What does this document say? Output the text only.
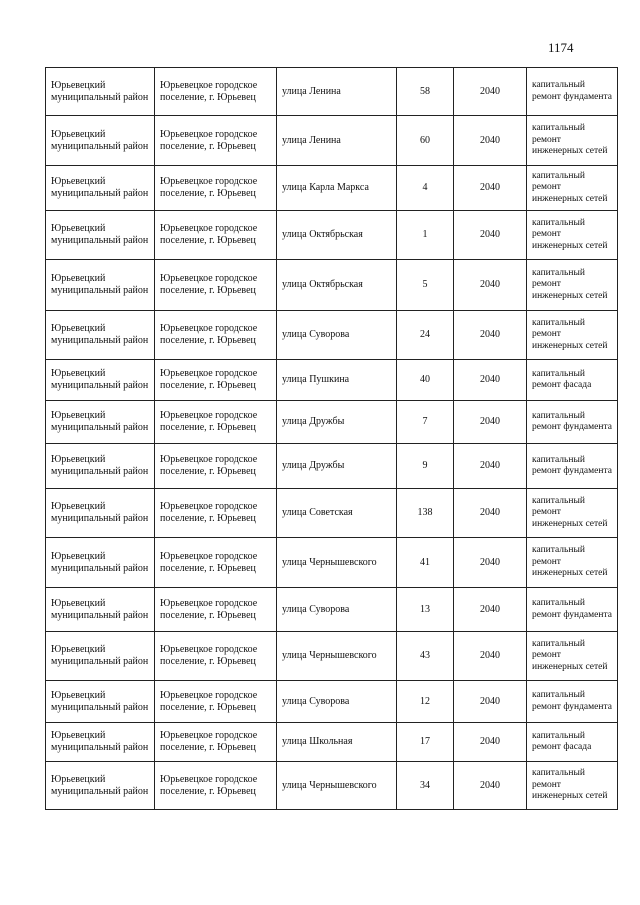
1174
Юрьевецкий муниципальный район	Юрьевецкое городское поселение, г. Юрьевец	улица Ленина	58	2040	капитальный ремонт фундамента
Юрьевецкий муниципальный район	Юрьевецкое городское поселение, г. Юрьевец	улица Ленина	60	2040	капитальный ремонт инженерных сетей
Юрьевецкий муниципальный район	Юрьевецкое городское поселение, г. Юрьевец	улица Карла Маркса	4	2040	капитальный ремонт инженерных сетей
Юрьевецкий муниципальный район	Юрьевецкое городское поселение, г. Юрьевец	улица Октябрьская	1	2040	капитальный ремонт инженерных сетей
Юрьевецкий муниципальный район	Юрьевецкое городское поселение, г. Юрьевец	улица Октябрьская	5	2040	капитальный ремонт инженерных сетей
Юрьевецкий муниципальный район	Юрьевецкое городское поселение, г. Юрьевец	улица Суворова	24	2040	капитальный ремонт инженерных сетей
Юрьевецкий муниципальный район	Юрьевецкое городское поселение, г. Юрьевец	улица Пушкина	40	2040	капитальный ремонт фасада
Юрьевецкий муниципальный район	Юрьевецкое городское поселение, г. Юрьевец	улица Дружбы	7	2040	капитальный ремонт фундамента
Юрьевецкий муниципальный район	Юрьевецкое городское поселение, г. Юрьевец	улица Дружбы	9	2040	капитальный ремонт фундамента
Юрьевецкий муниципальный район	Юрьевецкое городское поселение, г. Юрьевец	улица Советская	138	2040	капитальный ремонт инженерных сетей
Юрьевецкий муниципальный район	Юрьевецкое городское поселение, г. Юрьевец	улица Чернышевского	41	2040	капитальный ремонт инженерных сетей
Юрьевецкий муниципальный район	Юрьевецкое городское поселение, г. Юрьевец	улица Суворова	13	2040	капитальный ремонт фундамента
Юрьевецкий муниципальный район	Юрьевецкое городское поселение, г. Юрьевец	улица Чернышевского	43	2040	капитальный ремонт инженерных сетей
Юрьевецкий муниципальный район	Юрьевецкое городское поселение, г. Юрьевец	улица Суворова	12	2040	капитальный ремонт фундамента
Юрьевецкий муниципальный район	Юрьевецкое городское поселение, г. Юрьевец	улица Школьная	17	2040	капитальный ремонт фасада
Юрьевецкий муниципальный район	Юрьевецкое городское поселение, г. Юрьевец	улица Чернышевского	34	2040	капитальный ремонт инженерных сетей
